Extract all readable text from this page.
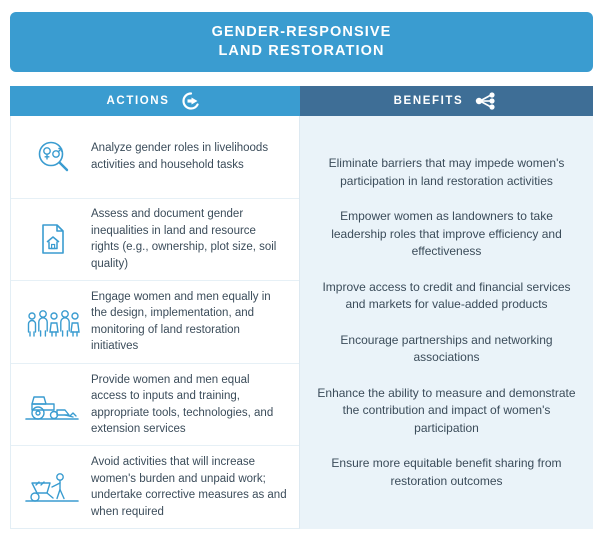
GENDER-RESPONSIVE
LAND RESTORATION
ACTIONS
Analyze gender roles in livelihoods activities and household tasks
Assess and document gender inequalities in land and resource rights (e.g., ownership, plot size, soil quality)
Engage women and men equally in the design, implementation, and monitoring of land restoration initiatives
Provide women and men equal access to inputs and training, appropriate tools, technologies, and extension services
Avoid activities that will increase women's burden and unpaid work; undertake corrective measures as and when required
BENEFITS
Eliminate barriers that may impede women's participation in land restoration activities
Empower women as landowners to take leadership roles that improve efficiency and effectiveness
Improve access to credit and financial services and markets for value-added products
Encourage partnerships and networking associations
Enhance the ability to measure and demonstrate the contribution and impact of women's participation
Ensure more equitable benefit sharing from restoration outcomes
